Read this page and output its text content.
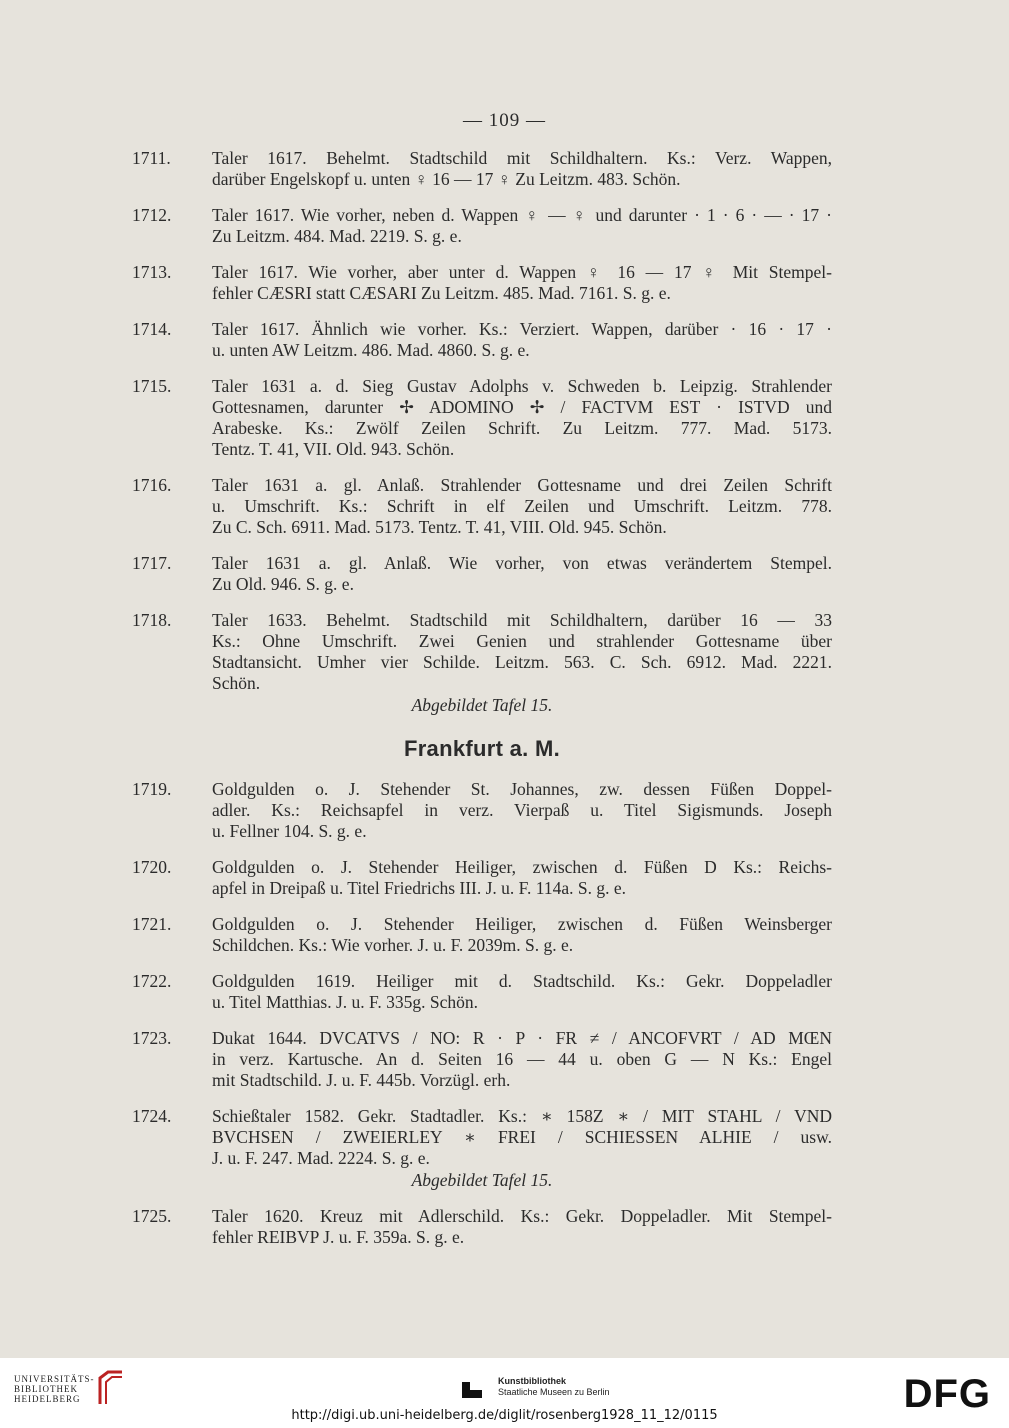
— 109 —
1711.	Taler 1617. Behelmt. Stadtschild mit Schildhaltern. Ks.: Verz. Wappen,
darüber Engelskopf u. unten ♀ 16 — 17 ♀ Zu Leitzm. 483. Schön.
1712.	Taler 1617. Wie vorher, neben d. Wappen ♀ — ♀ und darunter · 1 · 6 · — · 17 ·
Zu Leitzm. 484. Mad. 2219. S. g. e.
1713.	Taler 1617. Wie vorher, aber unter d. Wappen ♀ 16 — 17 ♀ Mit Stempel-
fehler CÆSRI statt CÆSARI Zu Leitzm. 485. Mad. 7161. S. g. e.
1714.	Taler 1617. Ähnlich wie vorher. Ks.: Verziert. Wappen, darüber · 16 · 17 ·
u. unten AW Leitzm. 486. Mad. 4860. S. g. e.
1715.	Taler 1631 a. d. Sieg Gustav Adolphs v. Schweden b. Leipzig. Strahlender
Gottesnamen, darunter ✢ ADOMINO ✢ / FACTVM EST · ISTVD und
Arabeske. Ks.: Zwölf Zeilen Schrift. Zu Leitzm. 777. Mad. 5173.
Tentz. T. 41, VII. Old. 943. Schön.
1716.	Taler 1631 a. gl. Anlaß. Strahlender Gottesname und drei Zeilen Schrift
u. Umschrift. Ks.: Schrift in elf Zeilen und Umschrift. Leitzm. 778.
Zu C. Sch. 6911. Mad. 5173. Tentz. T. 41, VIII. Old. 945. Schön.
1717.	Taler 1631 a. gl. Anlaß. Wie vorher, von etwas verändertem Stempel.
Zu Old. 946. S. g. e.
1718.	Taler 1633. Behelmt. Stadtschild mit Schildhaltern, darüber 16 — 33
Ks.: Ohne Umschrift. Zwei Genien und strahlender Gottesname über
Stadtansicht. Umher vier Schilde. Leitzm. 563. C. Sch. 6912. Mad. 2221.
Schön.
Abgebildet Tafel 15.
Frankfurt a. M.
1719.	Goldgulden o. J. Stehender St. Johannes, zw. dessen Füßen Doppel-
adler. Ks.: Reichsapfel in verz. Vierpaß u. Titel Sigismunds. Joseph
u. Fellner 104. S. g. e.
1720.	Goldgulden o. J. Stehender Heiliger, zwischen d. Füßen D Ks.: Reichs-
apfel in Dreipaß u. Titel Friedrichs III. J. u. F. 114a. S. g. e.
1721.	Goldgulden o. J. Stehender Heiliger, zwischen d. Füßen Weinsberger
Schildchen. Ks.: Wie vorher. J. u. F. 2039m. S. g. e.
1722.	Goldgulden 1619. Heiliger mit d. Stadtschild. Ks.: Gekr. Doppeladler
u. Titel Matthias. J. u. F. 335g. Schön.
1723.	Dukat 1644. DVCATVS / NO: R · P · FR ≠ / ANCOFVRT / AD MŒN
in verz. Kartusche. An d. Seiten 16 — 44 u. oben G — N Ks.: Engel
mit Stadtschild. J. u. F. 445b. Vorzügl. erh.
1724.	Schießtaler 1582. Gekr. Stadtadler. Ks.: ∗ 158Z ∗ / MIT STAHL / VND
BVCHSEN / ZWEIERLEY ∗ FREI / SCHIESSEN ALHIE / usw.
J. u. F. 247. Mad. 2224. S. g. e.
Abgebildet Tafel 15.
1725.	Taler 1620. Kreuz mit Adlerschild. Ks.: Gekr. Doppeladler. Mit Stempel-
fehler REIBVP J. u. F. 359a. S. g. e.
UNIVERSITÄTS-
BIBLIOTHEK
HEIDELBERG
Kunstbibliothek
Staatliche Museen zu Berlin	DFG
http://digi.ub.uni-heidelberg.de/diglit/rosenberg1928_11_12/0115
